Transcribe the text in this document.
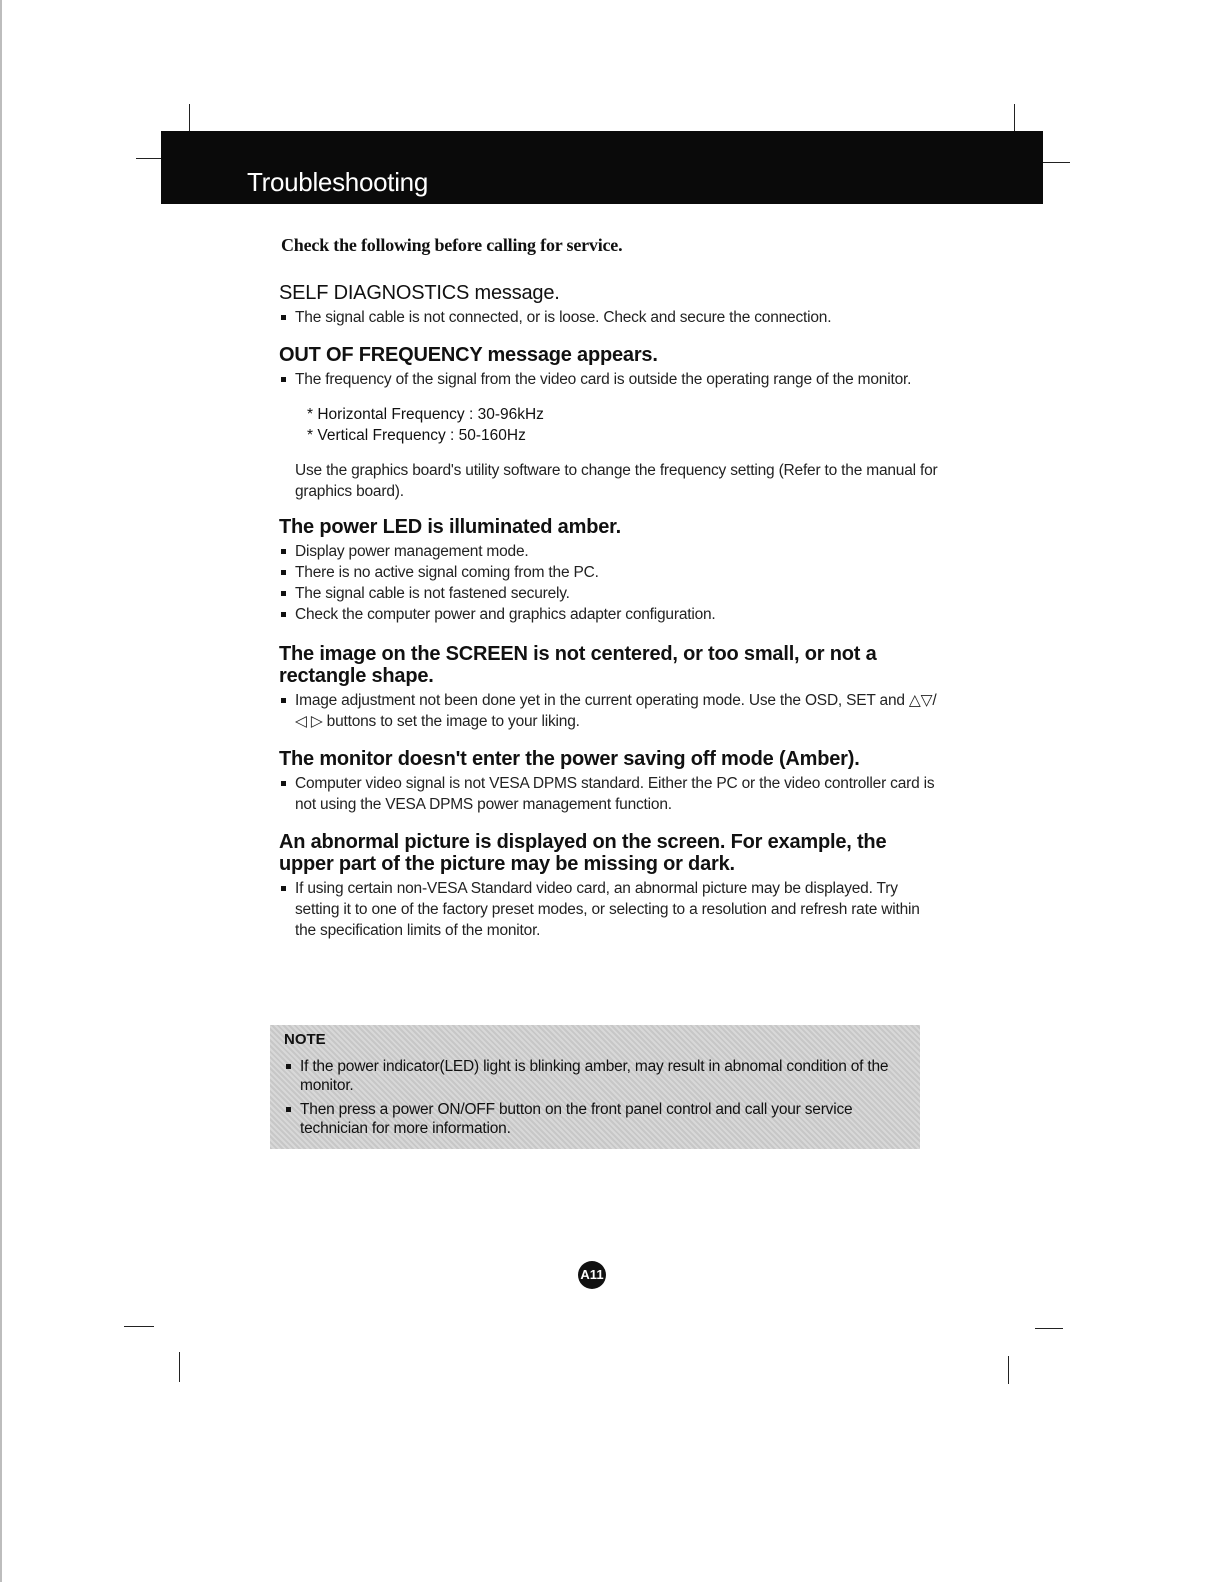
Troubleshooting
Check the following before calling for service.
SELF DIAGNOSTICS message.
The signal cable is not connected, or is loose. Check and secure the connection.
OUT OF FREQUENCY message appears.
The frequency of the signal from the video card is outside the operating range of the monitor.
* Horizontal Frequency : 30-96kHz
* Vertical Frequency : 50-160Hz

Use the graphics board's utility software to change the frequency setting (Refer to the manual for graphics board).

The power LED is illuminated amber.
Display power management mode.
There is no active signal coming from the PC.
The signal cable is not fastened securely.
Check the computer power and graphics adapter configuration.
The image on the SCREEN is not centered, or too small, or not a rectangle shape.
Image adjustment not been done yet in the current operating mode. Use the OSD, SET and △▽/◁ ▷ buttons to set the image to your liking.
The monitor doesn't enter the power saving off mode (Amber).
Computer video signal is not VESA DPMS standard. Either the PC or the video controller card is not using the VESA DPMS power management function.
An abnormal picture is displayed on the screen. For example, the upper part of the picture may be missing or dark.
If using certain non-VESA Standard video card, an abnormal picture may be displayed. Try setting it to one of the factory preset modes, or selecting to a resolution and refresh rate within the specification limits of the monitor.
NOTE
If the power indicator(LED) light is blinking amber, may result in abnomal condition of the monitor.
Then press a power ON/OFF button on the front panel control and call your service technician for more information.
A11
